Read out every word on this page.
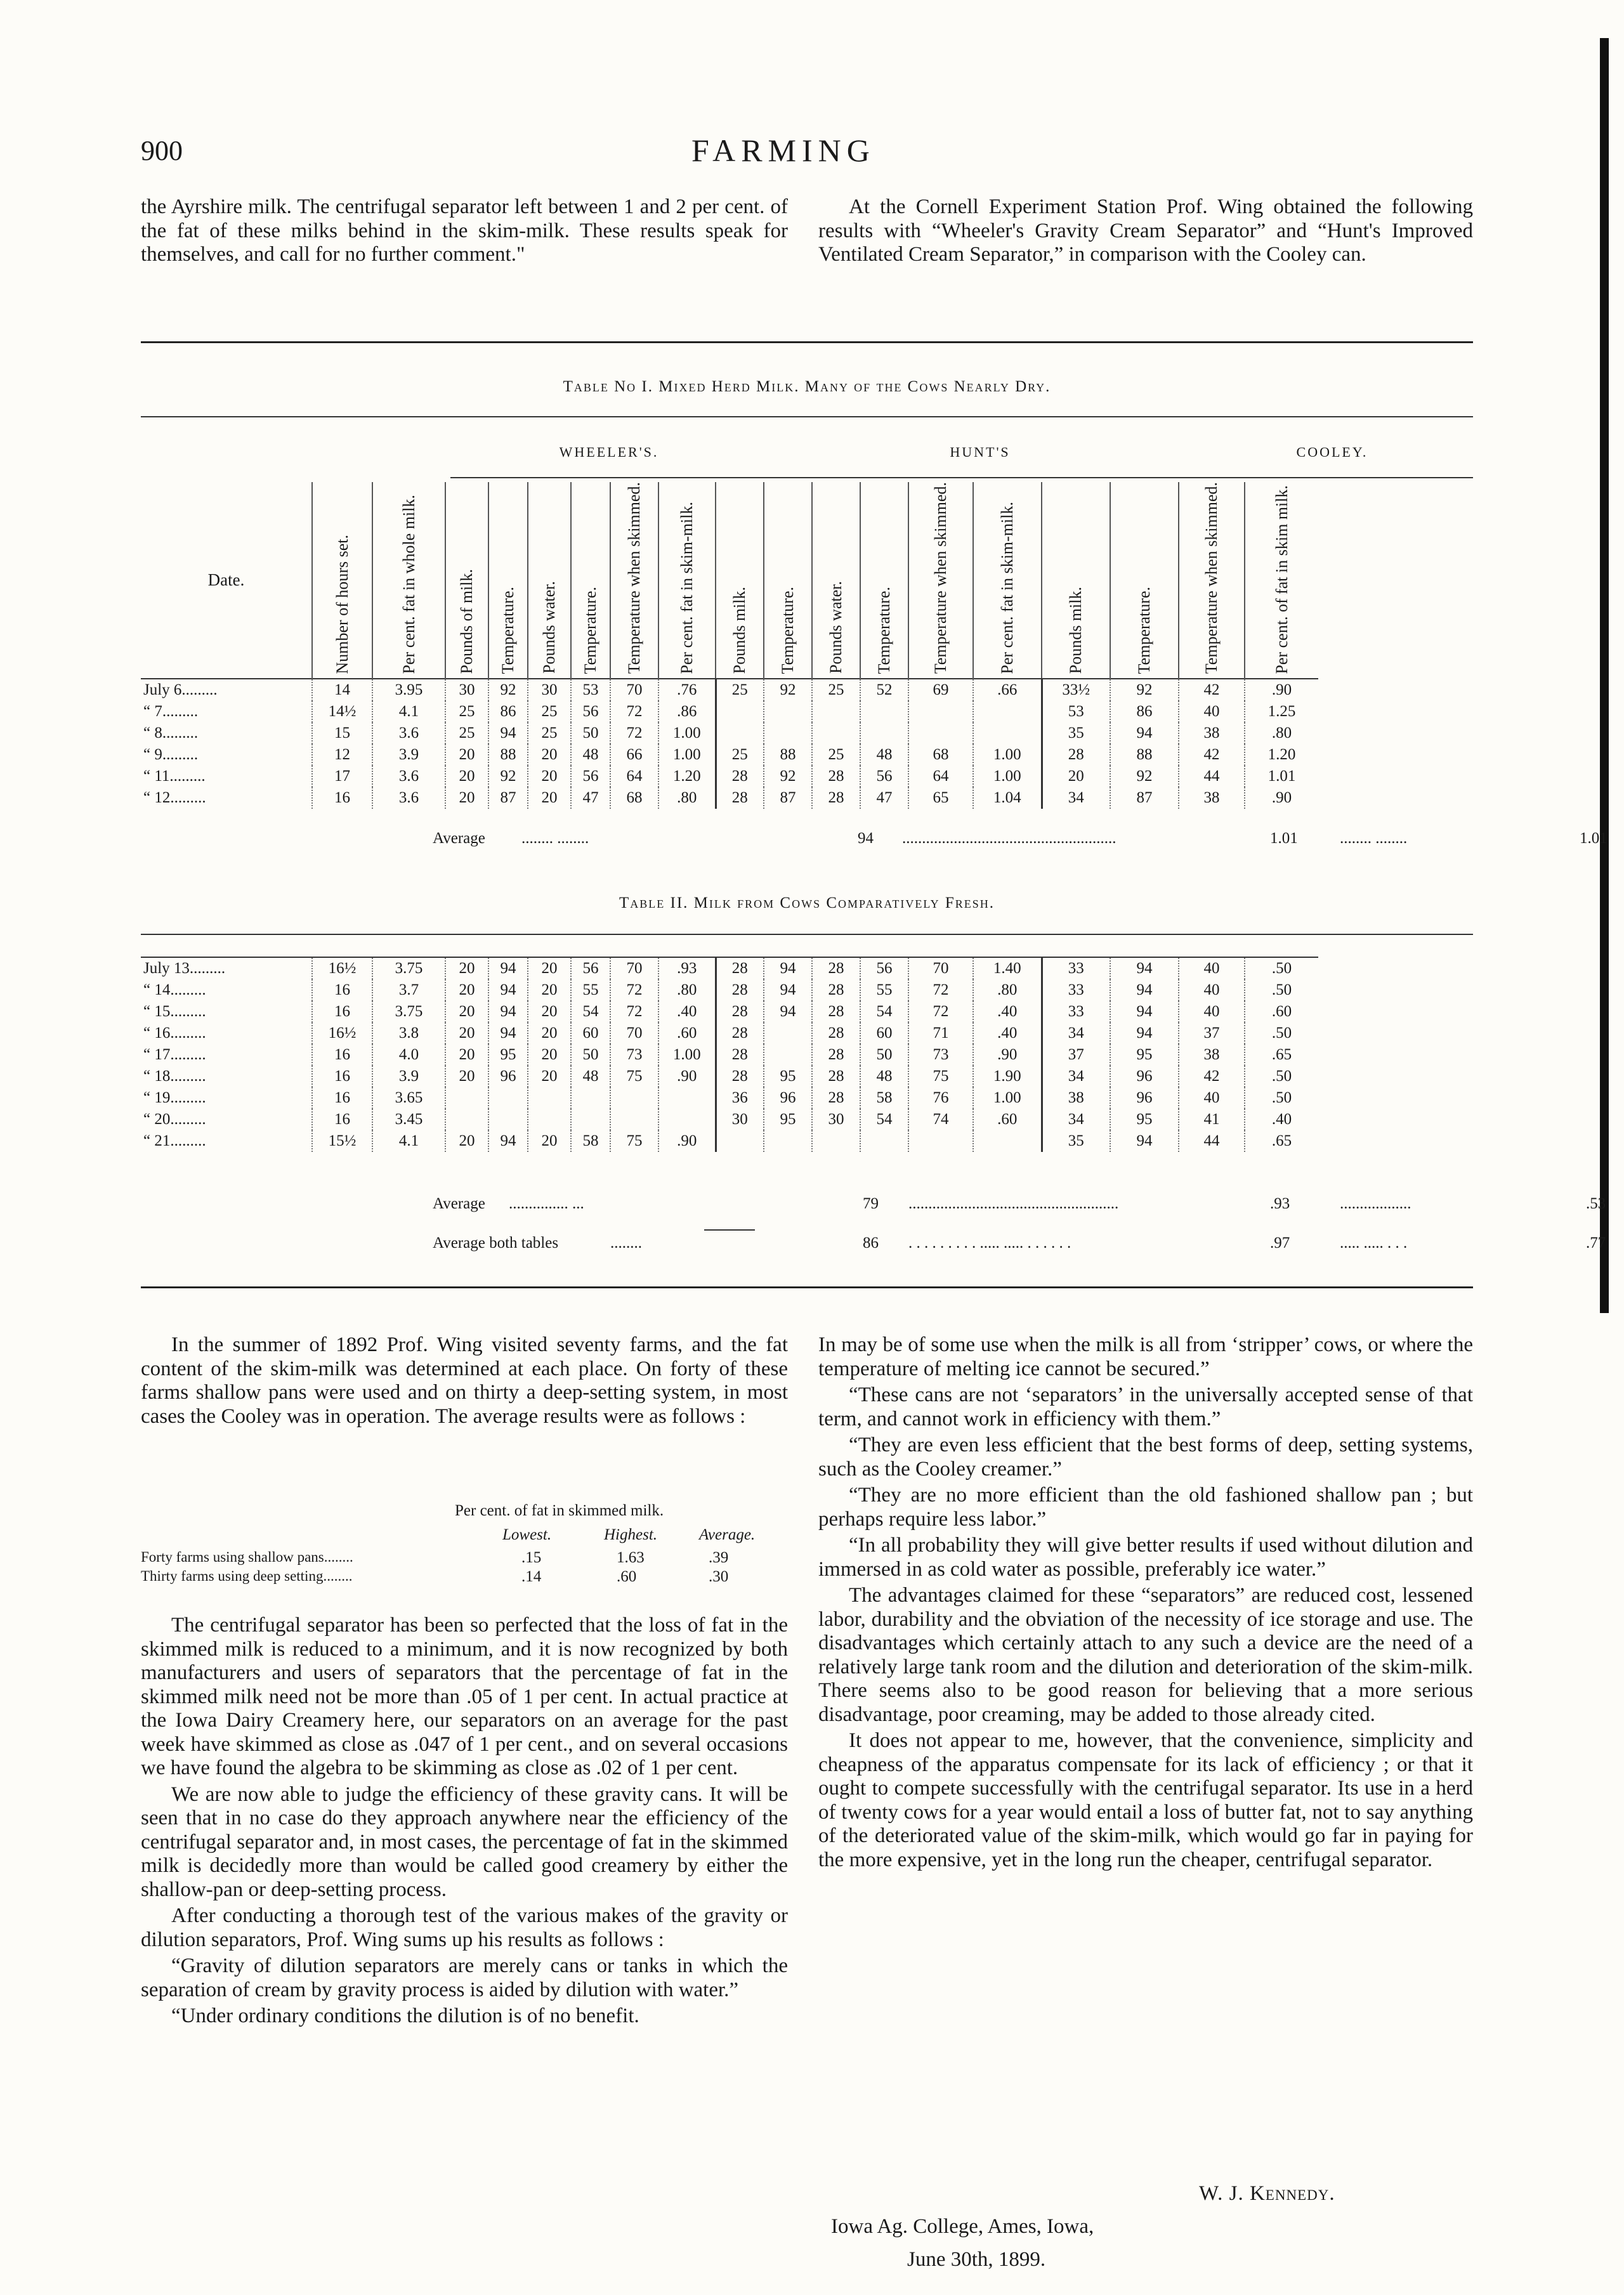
900	FARMING
the Ayrshire milk. The centrifugal separator left between 1 and 2 per cent. of the fat of these milks behind in the skim-milk. These results speak for themselves, and call for no further comment."
At the Cornell Experiment Station Prof. Wing obtained the following results with “Wheeler's Gravity Cream Separator” and “Hunt's Improved Ventilated Cream Separator,” in comparison with the Cooley can.
Table No I. Mixed Herd Milk. Many of the Cows Nearly Dry.
WHEELER'S.	HUNT'S	COOLEY.
Date.	Number of hours set.	Per cent. fat in whole milk.	Pounds of milk.	Temperature.	Pounds water.	Temperature.	Temperature when skimmed.	Per cent. fat in skim-milk.	Pounds milk.	Temperature.	Pounds water.	Temperature.	Temperature when skimmed.	Per cent. fat in skim-milk.	Pounds milk.	Temperature.	Temperature when skimmed.	Per cent. of fat in skim milk.
July 6.........	14	3.95	30	92	30	53	70	.76	25	92	25	52	69	.66	33½	92	42	.90
“ 7.........	14½	4.1	25	86	25	56	72	.86							53	86	40	1.25
“ 8.........	15	3.6	25	94	25	50	72	1.00							35	94	38	.80
“ 9.........	12	3.9	20	88	20	48	66	1.00	25	88	25	48	68	1.00	28	88	42	1.20
“ 11.........	17	3.6	20	92	20	56	64	1.20	28	92	28	56	64	1.00	20	92	44	1.01
“ 12.........	16	3.6	20	87	20	47	68	.80	28	87	28	47	65	1.04	34	87	38	.90
Average ........ ........	94 ......................................................	1.01	........ ........	1.01
Table II. Milk from Cows Comparatively Fresh.
July 13.........	16½	3.75	20	94	20	56	70	.93	28	94	28	56	70	1.40	33	94	40	.50
“ 14.........	16	3.7	20	94	20	55	72	.80	28	94	28	55	72	.80	33	94	40	.50
“ 15.........	16	3.75	20	94	20	54	72	.40	28	94	28	54	72	.40	33	94	40	.60
“ 16.........	16½	3.8	20	94	20	60	70	.60	28		28	60	71	.40	34	94	37	.50
“ 17.........	16	4.0	20	95	20	50	73	1.00	28		28	50	73	.90	37	95	38	.65
“ 18.........	16	3.9	20	96	20	48	75	.90	28	95	28	48	75	1.90	34	96	42	.50
“ 19.........	16	3.65							36	96	28	58	76	1.00	38	96	40	.50
“ 20.........	16	3.45							30	95	30	54	74	.60	34	95	41	.40
“ 21.........	15½	4.1	20	94	20	58	75	.90							35	94	44	.65
Average ............... ...	79 .....................................................	.93	..................	.53
Average both tables	........	86 . . . . . . . . . ..... ..... . . . . . .	.97	..... ..... . . .	.77

In the summer of 1892 Prof. Wing visited seventy farms, and the fat content of the skim-milk was determined at each place. On forty of these farms shallow pans were used and on thirty a deep-setting system, in most cases the Cooley was in operation. The average results were as follows :

Per cent. of fat in skimmed milk.
Lowest.	Highest.	Average.
Forty farms using shallow pans........	.15	1.63	.39
Thirty farms using deep setting........	.14	.60	.30

The centrifugal separator has been so perfected that the loss of fat in the skimmed milk is reduced to a minimum, and it is now recognized by both manufacturers and users of separators that the percentage of fat in the skimmed milk need not be more than .05 of 1 per cent. In actual practice at the Iowa Dairy Creamery here, our separators on an average for the past week have skimmed as close as .047 of 1 per cent., and on several occasions we have found the algebra to be skimming as close as .02 of 1 per cent.

We are now able to judge the efficiency of these gravity cans. It will be seen that in no case do they approach anywhere near the efficiency of the centrifugal separator and, in most cases, the percentage of fat in the skimmed milk is decidedly more than would be called good creamery by either the shallow-pan or deep-setting process.

After conducting a thorough test of the various makes of the gravity or dilution separators, Prof. Wing sums up his results as follows :

“Gravity of dilution separators are merely cans or tanks in which the separation of cream by gravity process is aided by dilution with water.”

“Under ordinary conditions the dilution is of no benefit.

In may be of some use when the milk is all from ‘stripper’ cows, or where the temperature of melting ice cannot be secured.”

“These cans are not ‘separators’ in the universally accepted sense of that term, and cannot work in efficiency with them.”

“They are even less efficient that the best forms of deep, setting systems, such as the Cooley creamer.”

“They are no more efficient than the old fashioned shallow pan ; but perhaps require less labor.”

“In all probability they will give better results if used without dilution and immersed in as cold water as possible, preferably ice water.”

The advantages claimed for these “separators” are reduced cost, lessened labor, durability and the obviation of the necessity of ice storage and use. The disadvantages which certainly attach to any such a device are the need of a relatively large tank room and the dilution and deterioration of the skim-milk. There seems also to be good reason for believing that a more serious disadvantage, poor creaming, may be added to those already cited.

It does not appear to me, however, that the convenience, simplicity and cheapness of the apparatus compensate for its lack of efficiency ; or that it ought to compete successfully with the centrifugal separator. Its use in a herd of twenty cows for a year would entail a loss of butter fat, not to say anything of the deteriorated value of the skim-milk, which would go far in paying for the more expensive, yet in the long run the cheaper, centrifugal separator.

W. J. Kennedy.
Iowa Ag. College, Ames, Iowa,
June 30th, 1899.
